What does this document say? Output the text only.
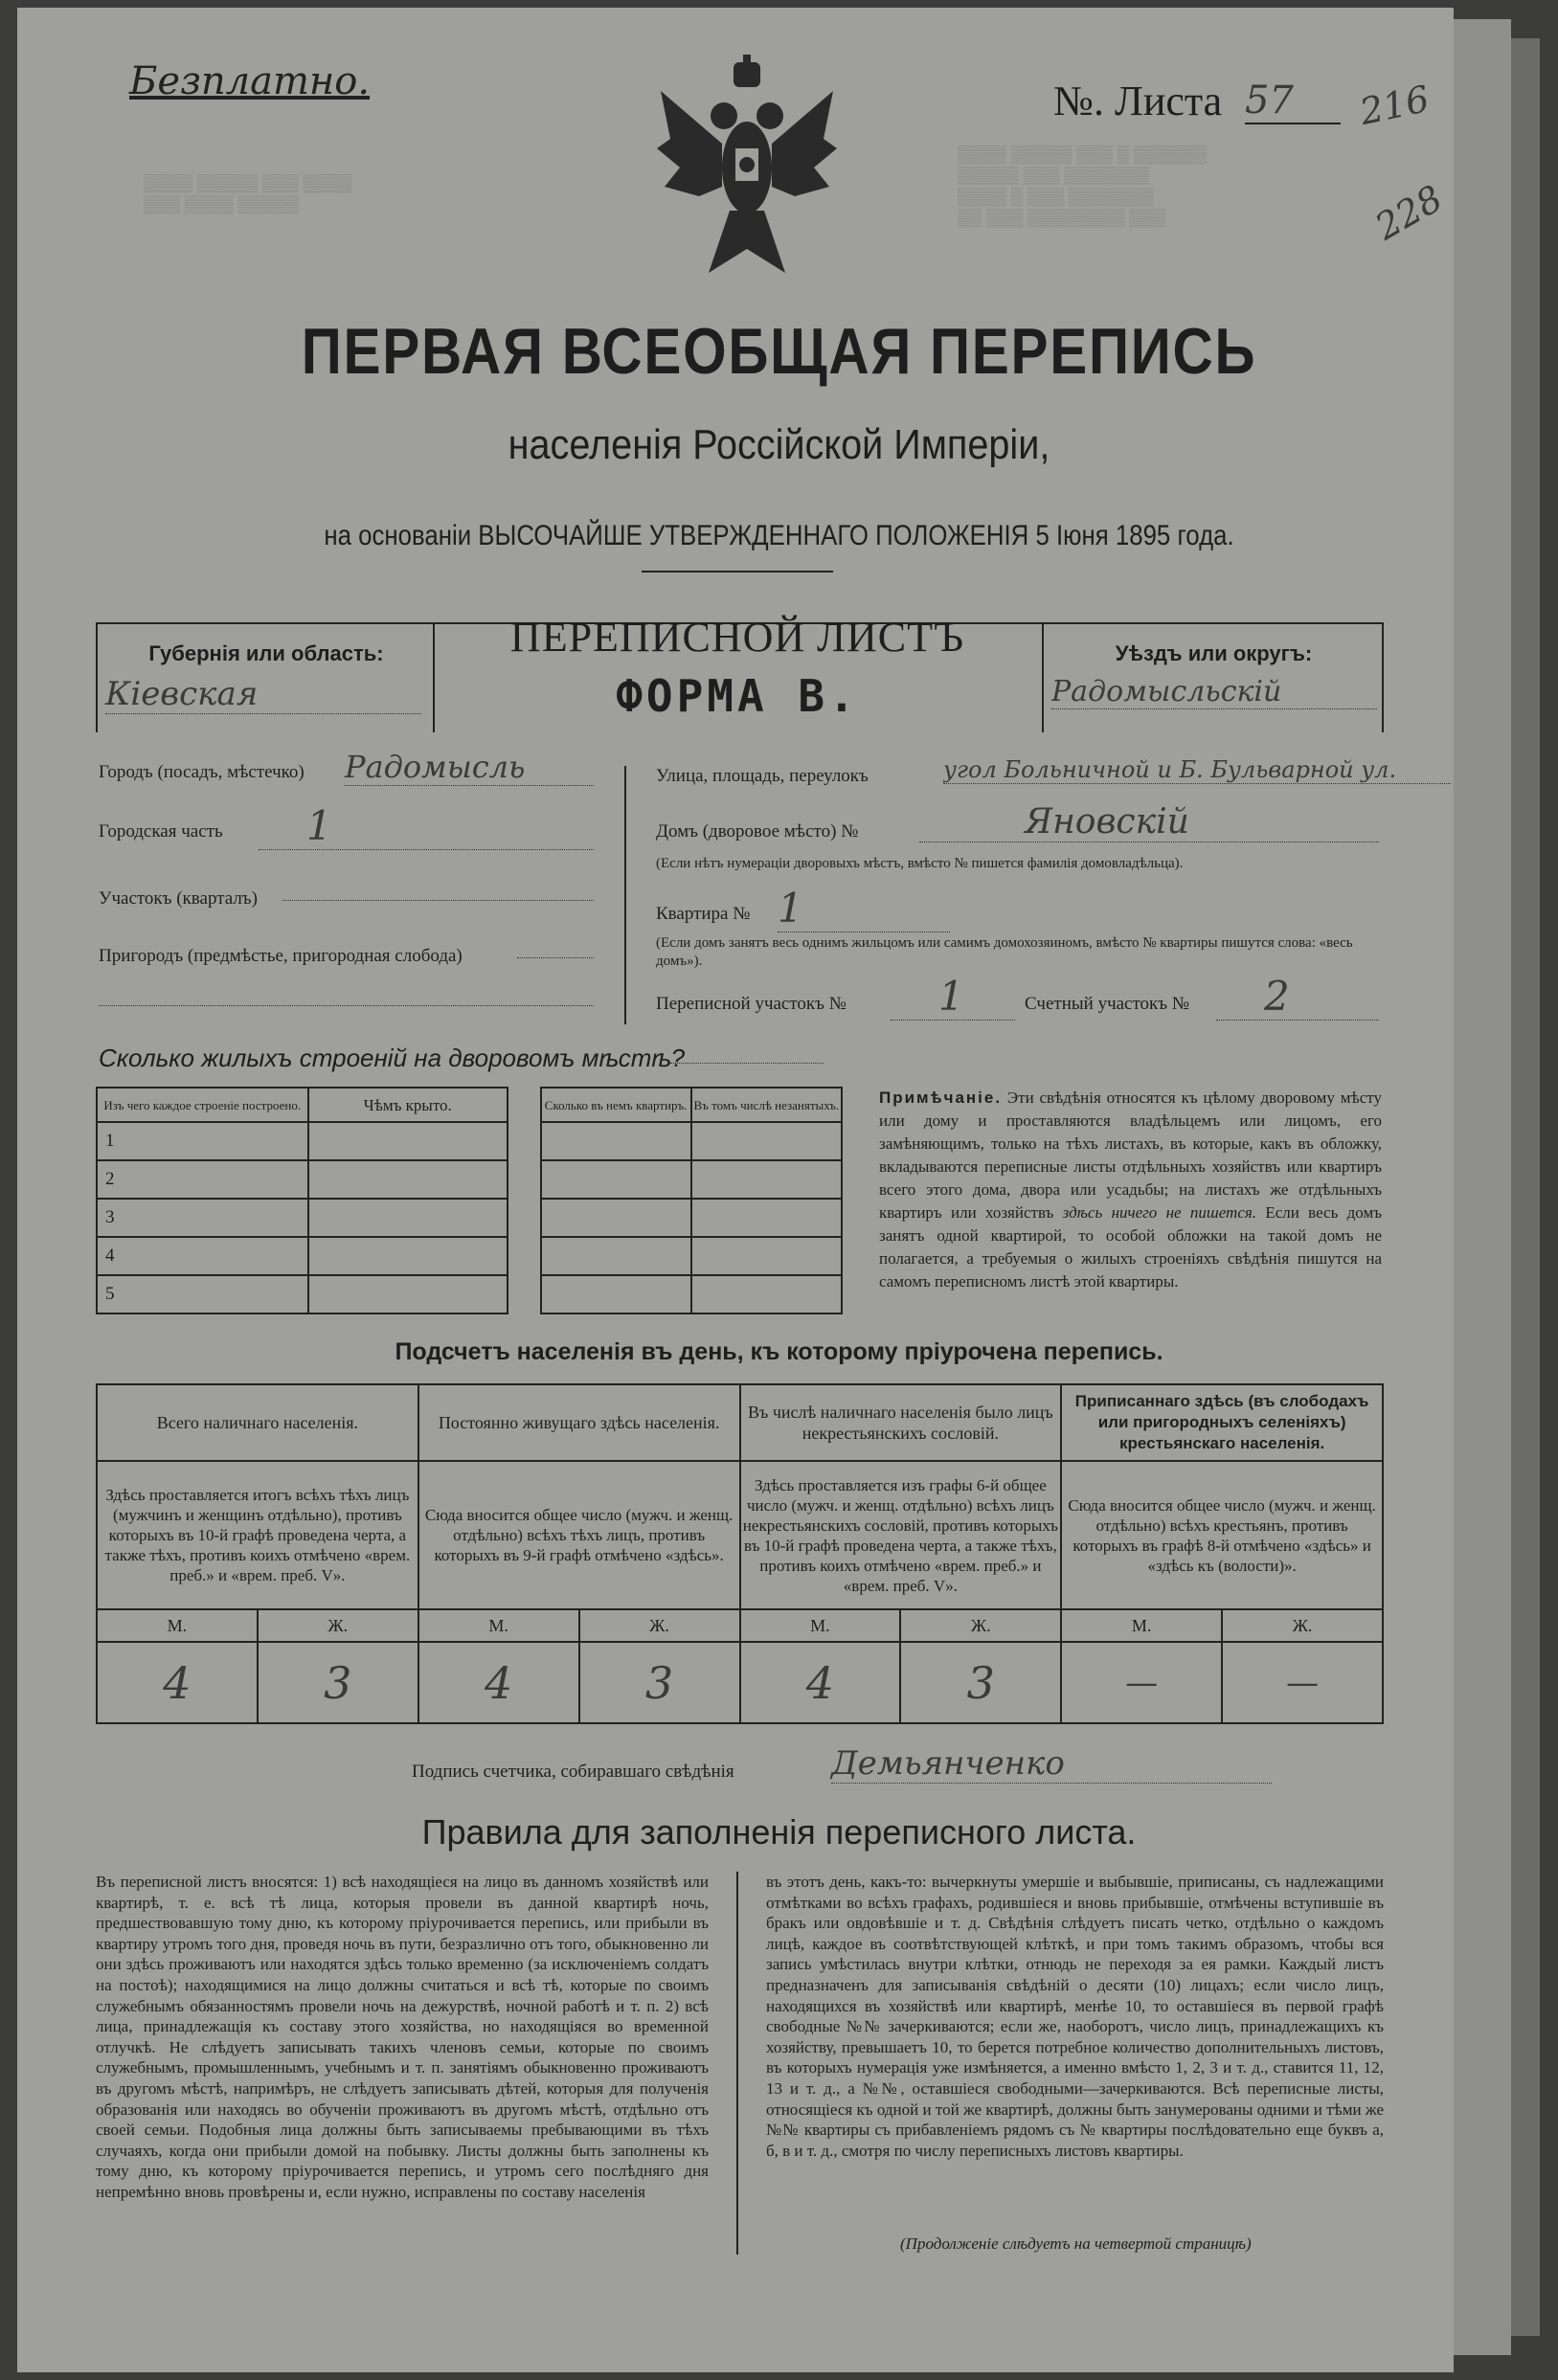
▒▒▒▒ ▒▒▒▒▒ ▒▒▒ ▒ ▒▒▒▒▒▒
▒▒▒▒▒ ▒▒▒ ▒▒▒▒▒▒▒
▒▒▒▒ ▒ ▒▒▒ ▒▒▒▒▒▒▒
▒▒ ▒▒▒ ▒▒▒▒▒▒▒▒ ▒▒▒
▒▒▒▒ ▒▒▒▒▒ ▒▒▒ ▒▒▒▒
▒▒▒ ▒▒▒▒ ▒▒▒▒▒
Безплатно.	№. Листа 57	216
228
ПЕРВАЯ ВСЕОБЩАЯ ПЕРЕПИСЬ
населенія Россійской Имперіи,
на основаніи ВЫСОЧАЙШЕ УТВЕРЖДЕННАГО ПОЛОЖЕНІЯ 5 Іюня 1895 года.
Губернія или область:
Кіевская
ПЕРЕПИСНОЙ ЛИСТЪ
ФОРМА В.
Уѣздъ или округъ:
Радомысльскій
Городъ (посадъ, мѣстечко) Радомысль
Городская часть	1
Участокъ (кварталъ)
Пригородъ (предмѣстье, пригородная слобода)
Улица, площадь, переулокъ	угол Больничной и Б. Бульварной ул.
Домъ (дворовое мѣсто) №	Яновскій
(Если нѣтъ нумераціи дворовыхъ мѣстъ, вмѣсто № пишется фамилія домовладѣльца).
Квартира № 1
(Если домъ занятъ весь однимъ жильцомъ или самимъ домохозяиномъ, вмѣсто № квартиры пишутся слова: «весь домъ»).
Переписной участокъ №	1	Счетный участокъ №	2
Сколько жилыхъ строеній на дворовомъ мѣстѣ?
Изъ чего каждое строеніе построено.	Чѣмъ крыто.		Сколько въ немъ квартиръ.	Въ томъ числѣ незанятыхъ.
1				
2				
3				
4				
5				
Примѣчаніе. Эти свѣдѣнія относятся къ цѣлому дворовому мѣсту или дому и проставляются владѣльцемъ или лицомъ, его замѣняющимъ, только на тѣхъ листахъ, въ которые, какъ въ обложку, вкладываются переписные листы отдѣльныхъ хозяйствъ или квартиръ всего этого дома, двора или усадьбы; на листахъ же отдѣльныхъ квартиръ или хозяйствъ здѣсь ничего не пишется. Если весь домъ занятъ одной квартирой, то особой обложки на такой домъ не полагается, а требуемыя о жилыхъ строеніяхъ свѣдѣнія пишутся на самомъ переписномъ листѣ этой квартиры.
Подсчетъ населенія въ день, къ которому пріурочена перепись.
Всего наличнаго населенія.		Постоянно живущаго здѣсь населенія.		Въ числѣ наличнаго населенія было лицъ некрестьянскихъ сословій.		Приписаннаго здѣсь (въ слободахъ или пригородныхъ селеніяхъ) крестьянскаго населенія.	
Здѣсь проставляется итогъ всѣхъ тѣхъ лицъ (мужчинъ и женщинъ отдѣльно), противъ которыхъ въ 10-й графѣ проведена черта, а также тѣхъ, противъ коихъ отмѣчено «врем. преб.» и «врем. преб. V».		Сюда вносится общее число (мужч. и женщ. отдѣльно) всѣхъ тѣхъ лицъ, противъ которыхъ въ 9-й графѣ отмѣчено «здѣсь».		Здѣсь проставляется изъ графы 6-й общее число (мужч. и женщ. отдѣльно) всѣхъ лицъ некрестьянскихъ сословій, противъ которыхъ въ 10-й графѣ проведена черта, а также тѣхъ, противъ коихъ отмѣчено «врем. преб.» и «врем. преб. V».		Сюда вносится общее число (мужч. и женщ. отдѣльно) всѣхъ крестьянъ, противъ которыхъ въ графѣ 8-й отмѣчено «здѣсь» и «здѣсь къ (волости)».	
М.	Ж.	М.	Ж.	М.	Ж.	М.	Ж.
4	3	4	3	4	3	—	—
Подпись счетчика, собиравшаго свѣдѣнія	Демьянченко
Правила для заполненія переписного листа.
Въ переписной листъ вносятся: 1) всѣ находящіеся на лицо въ данномъ хозяйствѣ или квартирѣ, т. е. всѣ тѣ лица, которыя провели въ данной квартирѣ ночь, предшествовавшую тому дню, къ которому пріурочивается перепись, или прибыли въ квартиру утромъ того дня, проведя ночь въ пути, безразлично отъ того, обыкновенно ли они здѣсь проживаютъ или находятся здѣсь только временно (за исключеніемъ солдатъ на постоѣ); находящимися на лицо должны считаться и всѣ тѣ, которые по своимъ служебнымъ обязанностямъ провели ночь на дежурствѣ, ночной работѣ и т. п. 2) всѣ лица, принадлежащія къ составу этого хозяйства, но находящіяся во временной отлучкѣ. Не слѣдуетъ записывать такихъ членовъ семьи, которые по своимъ служебнымъ, промышленнымъ, учебнымъ и т. п. занятіямъ обыкновенно проживаютъ въ другомъ мѣстѣ, напримѣръ, не слѣдуетъ записывать дѣтей, которыя для полученія образованія или находясь во обученіи проживаютъ въ другомъ мѣстѣ, отдѣльно отъ своей семьи. Подобныя лица должны быть записываемы пребывающими въ тѣхъ случаяхъ, когда они прибыли домой на побывку. Листы должны быть заполнены къ тому дню, къ которому пріурочивается перепись, и утромъ сего послѣдняго дня непремѣнно вновь провѣрены и, если нужно, исправлены по составу населенія
въ этотъ день, какъ-то: вычеркнуты умершіе и выбывшіе, приписаны, съ надлежащими отмѣтками во всѣхъ графахъ, родившіеся и вновь прибывшіе, отмѣчены вступившіе въ бракъ или овдовѣвшіе и т. д. Свѣдѣнія слѣдуетъ писать четко, отдѣльно о каждомъ лицѣ, каждое въ соотвѣтствующей клѣткѣ, и при томъ такимъ образомъ, чтобы вся запись умѣстилась внутри клѣтки, отнюдь не переходя за ея рамки. Каждый листъ предназначенъ для записыванія свѣдѣній о десяти (10) лицахъ; если число лицъ, находящихся въ хозяйствѣ или квартирѣ, менѣе 10, то оставшіеся въ первой графѣ свободные №№ зачеркиваются; если же, наоборотъ, число лицъ, принадлежащихъ къ хозяйству, превышаетъ 10, то берется потребное количество дополнительныхъ листовъ, въ которыхъ нумерація уже измѣняется, а именно вмѣсто 1, 2, 3 и т. д., ставится 11, 12, 13 и т. д., а №№, оставшіеся свободными—зачеркиваются. Всѣ переписные листы, относящіеся къ одной и той же квартирѣ, должны быть занумерованы одними и тѣми же №№ квартиры съ прибавленіемъ рядомъ съ № квартиры послѣдовательно еще буквъ а, б, в и т. д., смотря по числу переписныхъ листовъ квартиры.
(Продолженіе слѣдуетъ на четвертой страницѣ)
